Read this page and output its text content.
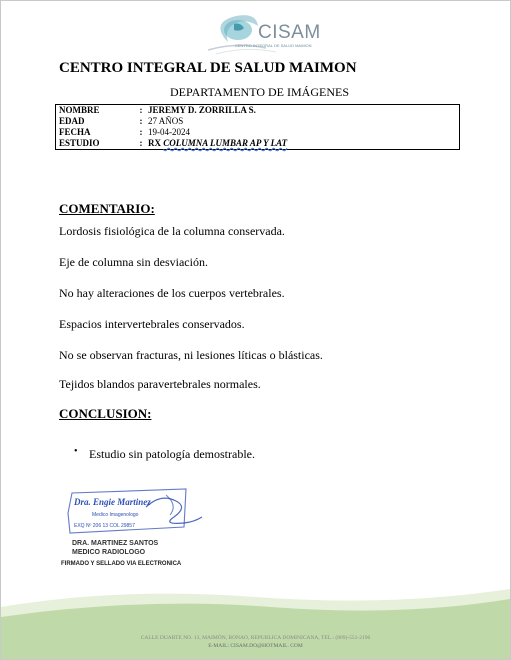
CISAM
CENTRO INTEGRAL DE SALUD MAIMON
CENTRO INTEGRAL DE SALUD MAIMON
DEPARTAMENTO DE IMÁGENES
NOMBRE	:	JEREMY D. ZORRILLA S.
EDAD	:	27 AÑOS
FECHA	:	19-04-2024
ESTUDIO	:	RX COLUMNA LUMBAR AP Y LAT
COMENTARIO:
Lordosis fisiológica de la columna conservada.
Eje de columna sin desviación.
No hay alteraciones de los cuerpos vertebrales.
Espacios intervertebrales conservados.
No se observan fracturas, ni lesiones líticas o blásticas.
Tejidos blandos paravertebrales normales.
CONCLUSION:
• Estudio sin patología demostrable.
Dra. Engie Martinez
Medico Imagenologo
EXQ Nº 206 13 COL 29857
DRA. MARTINEZ SANTOS
MEDICO RADIOLOGO
FIRMADO Y SELLADO VIA ELECTRONICA
CALLE DUARTE NO. 13, MAIMÓN, BONAO, REPUBLICA DOMINICANA, TEL.: (809)-551-2196
E-MAIL: CISAM.DO@HOTMAIL. COM
